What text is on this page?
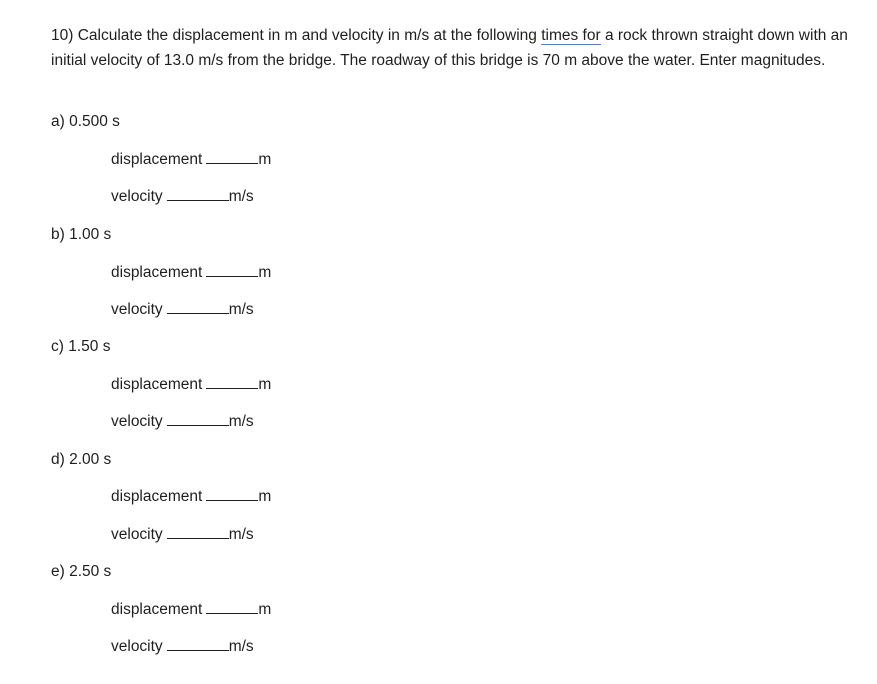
10) Calculate the displacement in m and velocity in m/s at the following times for a rock thrown straight down with an initial velocity of 13.0 m/s from the bridge. The roadway of this bridge is 70 m above the water. Enter magnitudes.

a) 0.500 s

displacement	m

velocity	m/s

b) 1.00 s

displacement	m

velocity	m/s

c) 1.50 s

displacement	m

velocity	m/s

d) 2.00 s

displacement	m

velocity	m/s

e) 2.50 s

displacement	m

velocity	m/s
